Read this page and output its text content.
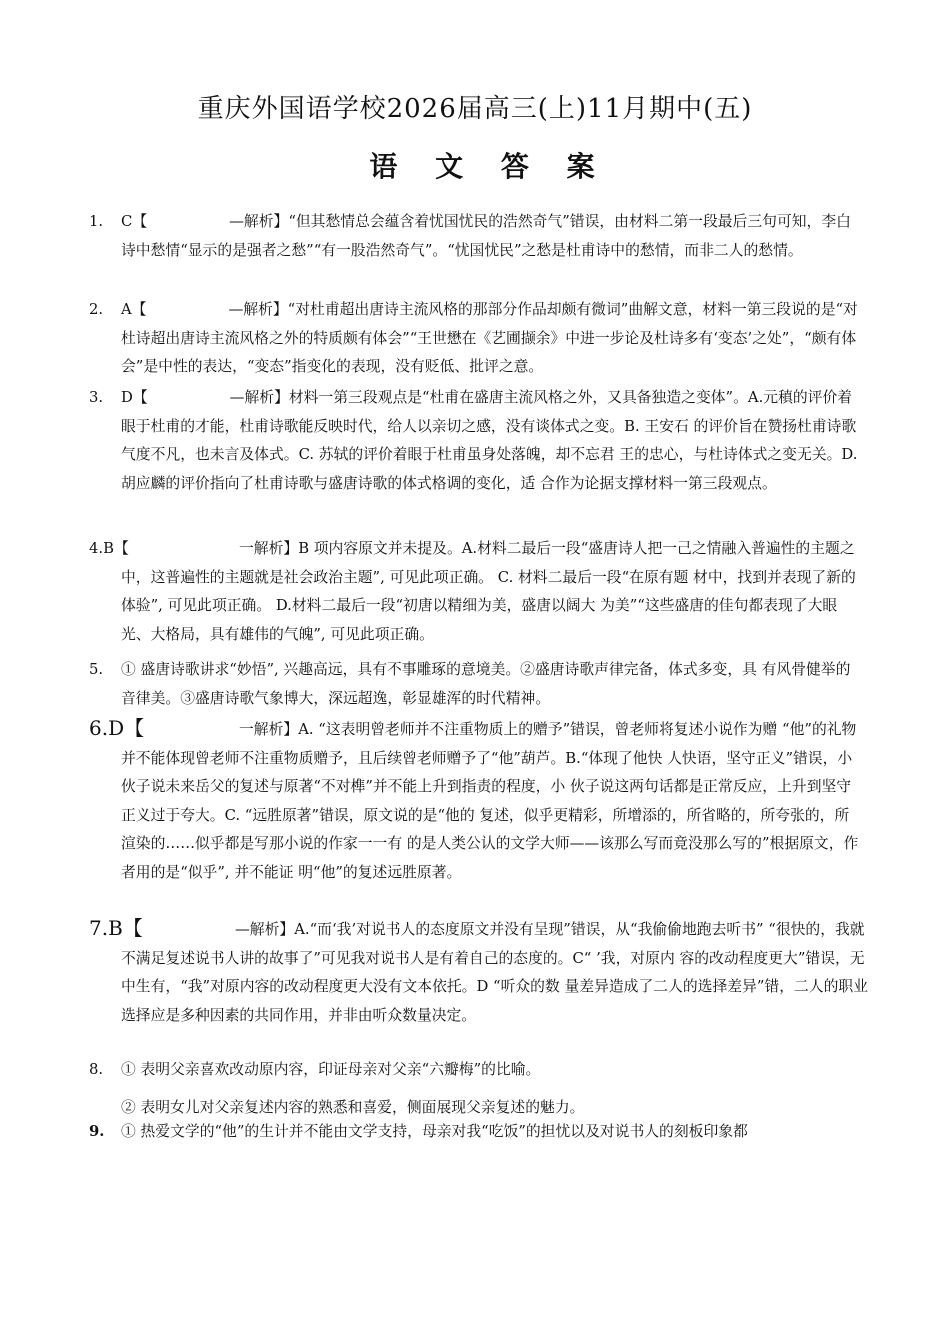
重庆外国语学校2026届高三(上)11月期中(五)
语 文 答 案
1. C【	—解析】“但其愁情总会蕴含着忧国忧民的浩然奇气”错误，由材料二第一段最后三句可知，李白诗中愁情“显示的是强者之愁”“有一股浩然奇气”。“忧国忧民”之愁是杜甫诗中的愁情，而非二人的愁情。
2. A【	—解析】“对杜甫超出唐诗主流风格的那部分作品却颇有微词”曲解文意，材料一第三段说的是“对杜诗超出唐诗主流风格之外的特质颇有体会”“王世懋在《艺圃撷余》中进一步论及杜诗多有‘变态’之处”，“颇有体会”是中性的表达，“变态”指变化的表现，没有贬低、批评之意。
3. D【	—解析】材料一第三段观点是“杜甫在盛唐主流风格之外，又具备独造之变体”。A.元稹的评价着眼于杜甫的才能，杜甫诗歌能反映时代，给人以亲切之感，没有谈体式之变。B. 王安石 的评价旨在赞扬杜甫诗歌气度不凡，也未言及体式。C. 苏轼的评价着眼于杜甫虽身处落魄，却不忘君 王的忠心，与杜诗体式之变无关。D.胡应麟的评价指向了杜甫诗歌与盛唐诗歌的体式格调的变化，适 合作为论据支撑材料一第三段观点。
4.B【	一解析】B 项内容原文并未提及。A.材料二最后一段“盛唐诗人把一己之情融入普遍性的主题之中，这普遍性的主题就是社会政治主题”, 可见此项正确。 C. 材料二最后一段“在原有题 材中，找到并表现了新的体验”, 可见此项正确。 D.材料二最后一段“初唐以精细为美，盛唐以阔大 为美”“这些盛唐的佳句都表现了大眼光、大格局，具有雄伟的气魄”, 可见此项正确。
5. ① 盛唐诗歌讲求“妙悟”, 兴趣高远，具有不事雕琢的意境美。②盛唐诗歌声律完备，体式多变，具 有风骨健举的音律美。③盛唐诗歌气象博大，深远超逸，彰显雄浑的时代精神。
6.D【	一解析】A. “这表明曾老师并不注重物质上的赠予”错误，曾老师将复述小说作为赠 “他”的礼物并不能体现曾老师不注重物质赠予，且后续曾老师赠予了“他”葫芦。B.“体现了他快 人快语，坚守正义”错误，小伙子说未来岳父的复述与原著“不对榫”并不能上升到指责的程度，小 伙子说这两句话都是正常反应，上升到坚守正义过于夸大。C. “远胜原著”错误，原文说的是“他的 复述，似乎更精彩，所增添的，所省略的，所夸张的，所渲染的……似乎都是写那小说的作家一一有 的是人类公认的文学大师——该那么写而竟没那么写的”根据原文，作者用的是“似乎”, 并不能证 明“他”的复述远胜原著。
7.B【	—解析】A.“而‘我’对说书人的态度原文并没有呈现”错误，从“我偷偷地跑去听书” “很快的，我就不满足复述说书人讲的故事了”可见我对说书人是有着自己的态度的。C“ ’我，对原内 容的改动程度更大”错误，无中生有，“我”对原内容的改动程度更大没有文本依托。D “听众的数 量差异造成了二人的选择差异”错，二人的职业选择应是多种因素的共同作用，并非由听众数量决定。
8. ① 表明父亲喜欢改动原内容，印证母亲对父亲“六瓣梅”的比喻。
② 表明女儿对父亲复述内容的熟悉和喜爱，侧面展现父亲复述的魅力。
9. ① 热爱文学的“他”的生计并不能由文学支持，母亲对我“吃饭”的担忧以及对说书人的刻板印象都
